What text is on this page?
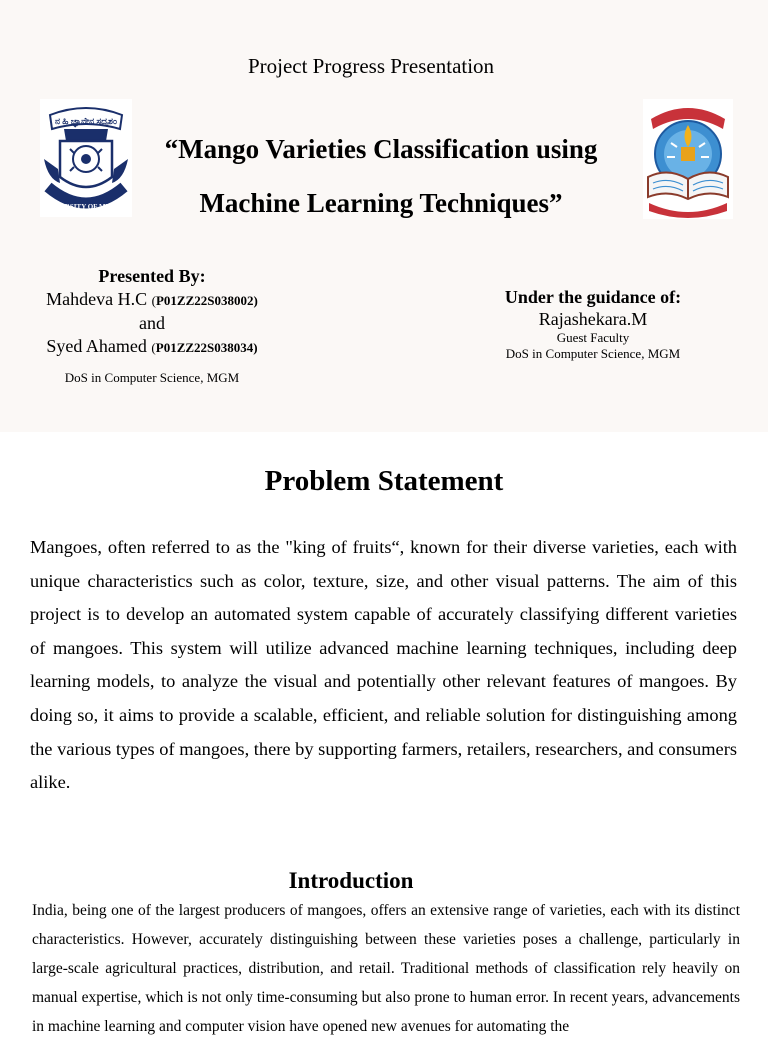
Project Progress Presentation
ನ ಹಿ ಜ್ಞಾನೇನ ಸದೃಶಂ
UNIVERSITY OF MYSORE
“Mango Varieties Classification using
Machine Learning Techniques”
Presented By:
Mahdeva H.C (P01ZZ22S038002)
and
Syed Ahamed (P01ZZ22S038034)
DoS in Computer Science, MGM
Under the guidance of:
Rajashekara.M
Guest Faculty
DoS in Computer Science, MGM
Problem Statement
Mangoes, often referred to as the "king of fruits“, known for their diverse varieties, each with unique characteristics such as color, texture, size, and other visual patterns. The aim of this project is to develop an automated system capable of accurately classifying different varieties of mangoes. This system will utilize advanced machine learning techniques, including deep learning models, to analyze the visual and potentially other relevant features of mangoes. By doing so, it aims to provide a scalable, efficient, and reliable solution for distinguishing among the various types of mangoes, there by supporting farmers, retailers, researchers, and consumers alike.
Introduction
India, being one of the largest producers of mangoes, offers an extensive range of varieties, each with its distinct characteristics. However, accurately distinguishing between these varieties poses a challenge, particularly in large-scale agricultural practices, distribution, and retail. Traditional methods of classification rely heavily on manual expertise, which is not only time-consuming but also prone to human error. In recent years, advancements in machine learning and computer vision have opened new avenues for automating the
